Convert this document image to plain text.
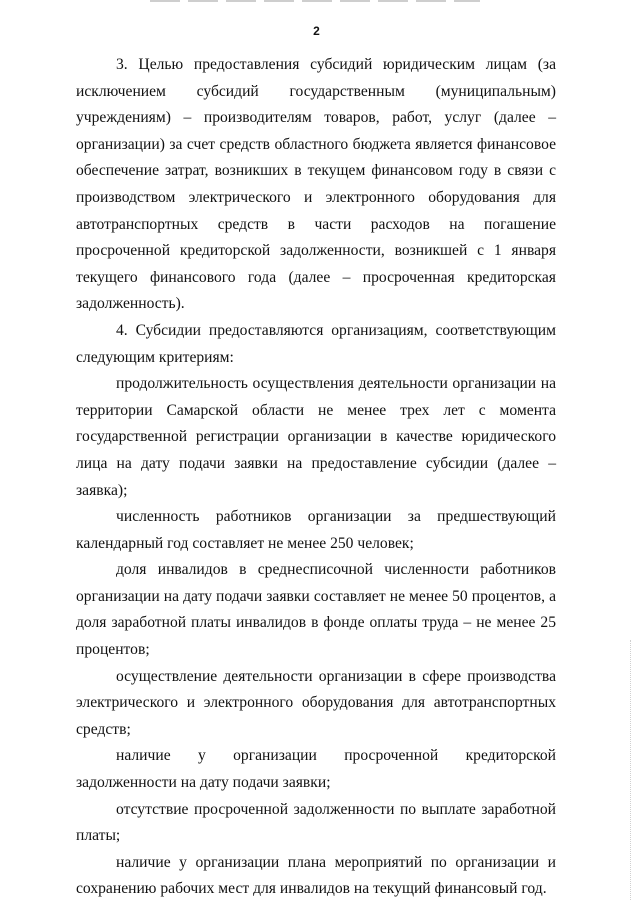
2

3. Целью предоставления субсидий юридическим лицам (за исключением субсидий государственным (муниципальным) учреждениям) – производителям товаров, работ, услуг (далее – организации) за счет средств областного бюджета является финансовое обеспечение затрат, возникших в текущем финансовом году в связи с производством электрического и электронного оборудования для автотранспортных средств в части расходов на погашение просроченной кредиторской задолженности, возникшей с 1 января текущего финансового года (далее – просроченная кредиторская задолженность).

4. Субсидии предоставляются организациям, соответствующим следующим критериям:

продолжительность осуществления деятельности организации на территории Самарской области не менее трех лет с момента государственной регистрации организации в качестве юридического лица на дату подачи заявки на предоставление субсидии (далее – заявка);

численность работников организации за предшествующий календарный год составляет не менее 250 человек;

доля инвалидов в среднесписочной численности работников организации на дату подачи заявки составляет не менее 50 процентов, а доля заработной платы инвалидов в фонде оплаты труда – не менее 25 процентов;

осуществление деятельности организации в сфере производства электрического и электронного оборудования для автотранспортных средств;

наличие у организации просроченной кредиторской задолженности на дату подачи заявки;

отсутствие просроченной задолженности по выплате заработной платы;

наличие у организации плана мероприятий по организации и сохранению рабочих мест для инвалидов на текущий финансовый год.
